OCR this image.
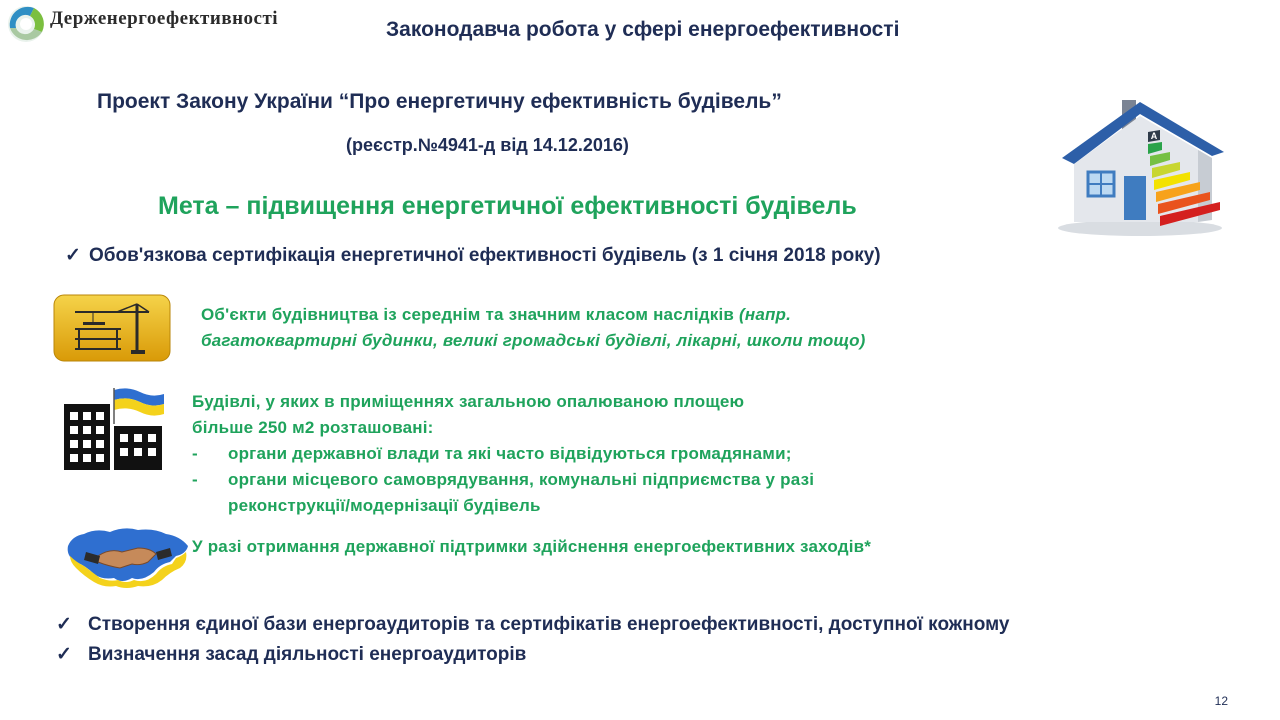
Держенергоефективності	Законодавча робота у сфері енергоефективності
Проект Закону України “Про енергетичну ефективність будівель”
(реєстр.№4941-д від 14.12.2016)	A
Мета – підвищення енергетичної ефективності будівель
✓ Обов'язкова сертифікація енергетичної ефективності будівель (з 1 січня 2018 року)
Об'єкти будівництва із середнім та значним класом наслідків (напр.
багатоквартирні будинки, великі громадські будівлі, лікарні, школи тощо)
Будівлі, у яких в приміщеннях загальною опалюваною площею
більше 250 м2 розташовані:
- органи державної влади та які часто відвідуються громадянами;
- органи місцевого самоврядування, комунальні підприємства у разі
реконструкції/модернізації будівель
У разі отримання державної підтримки здійснення енергоефективних заходів*
✓ Створення єдиної бази енергоаудиторів та сертифікатів енергоефективності, доступної кожному
✓ Визначення засад діяльності енергоаудиторів
12
